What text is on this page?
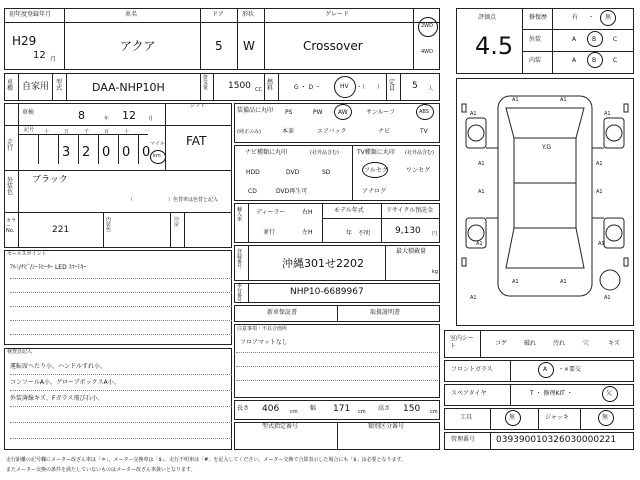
初年度登録年月
H29
12 月
車名
アクア
ドア
5
形状
W
グレード
Crossover
2WD
4WD
車種 自家用 型式	DAA-NHP10H
排気量	1500 CC
燃料	G ・ D ・	HV ・（　　）
定員 5 人
車検	8	年 12 月
シフト
FAT
走行
記号 十	万
3
千
2
百
0
十
0
一
0
マイル
km
外装色
ブラック
（　　　　　　　）色替車は色替と記入
カラーNo.	221
内装色
冷房
セールスポイント
ｱﾙﾐ/ﾅﾋﾞ/ｼｰﾄﾋｰﾀｰ LED ｽﾏｰﾄｷｰ
検査員記入
運転席へたり小、ハンドルすれ小、
コンソールA小、グローブボックスA小、
外装薄線キズ、Fガラス飛び石小、
装備品に丸印
(純正のみ)
PS	PW	AW	サンルーフ	ABS
本革	エアバック	ナビ	TV
ナビ種類に丸印	(社外品含む)
HDD	DVD	SD
CD	DVD再生可
TV種類に丸印 (社外品含む)
フルセグ	ワンセグ
アナログ
輸入車
ディーラー	右H
並行	左H
モデル年式
年　不明
リサイクル預託金
9,130 円
登録番号	沖縄301せ2202
最大積載量
kg
車台番号
NHP10-6689967
新車保証書	取扱説明書
注意事項・不具合箇所
フロアマットなし
長さ 406 cm 幅 171 cm 高さ 150 cm
型式指定番号	類別区分番号
評価点
4.5
修復歴	有 ・ 無
外装	A	B	C
内装	A	B	C
A1	A1
A1	A1
A1	A1
A1	A1
A1	A1
A1	A1
A1	A1
Y.G
室内シート	コゲ	破れ	汚れ	穴	キズ
フロントガラス	A ・×要交
スペアタイヤ	T ・ 修理KIT ・	欠
工具	無	ジャッキ	無
管理番号 039390010326030000221
走行距離の記号欄にメーター改ざん車は「＊」、メーター交換車は「$」、走行不明車は「#」を記入してください。メーター交換で合算表示した場合にも「$」は必要となります。
またメーター交換の条件を満たしていないものはメーター改ざん車扱いとなります。
